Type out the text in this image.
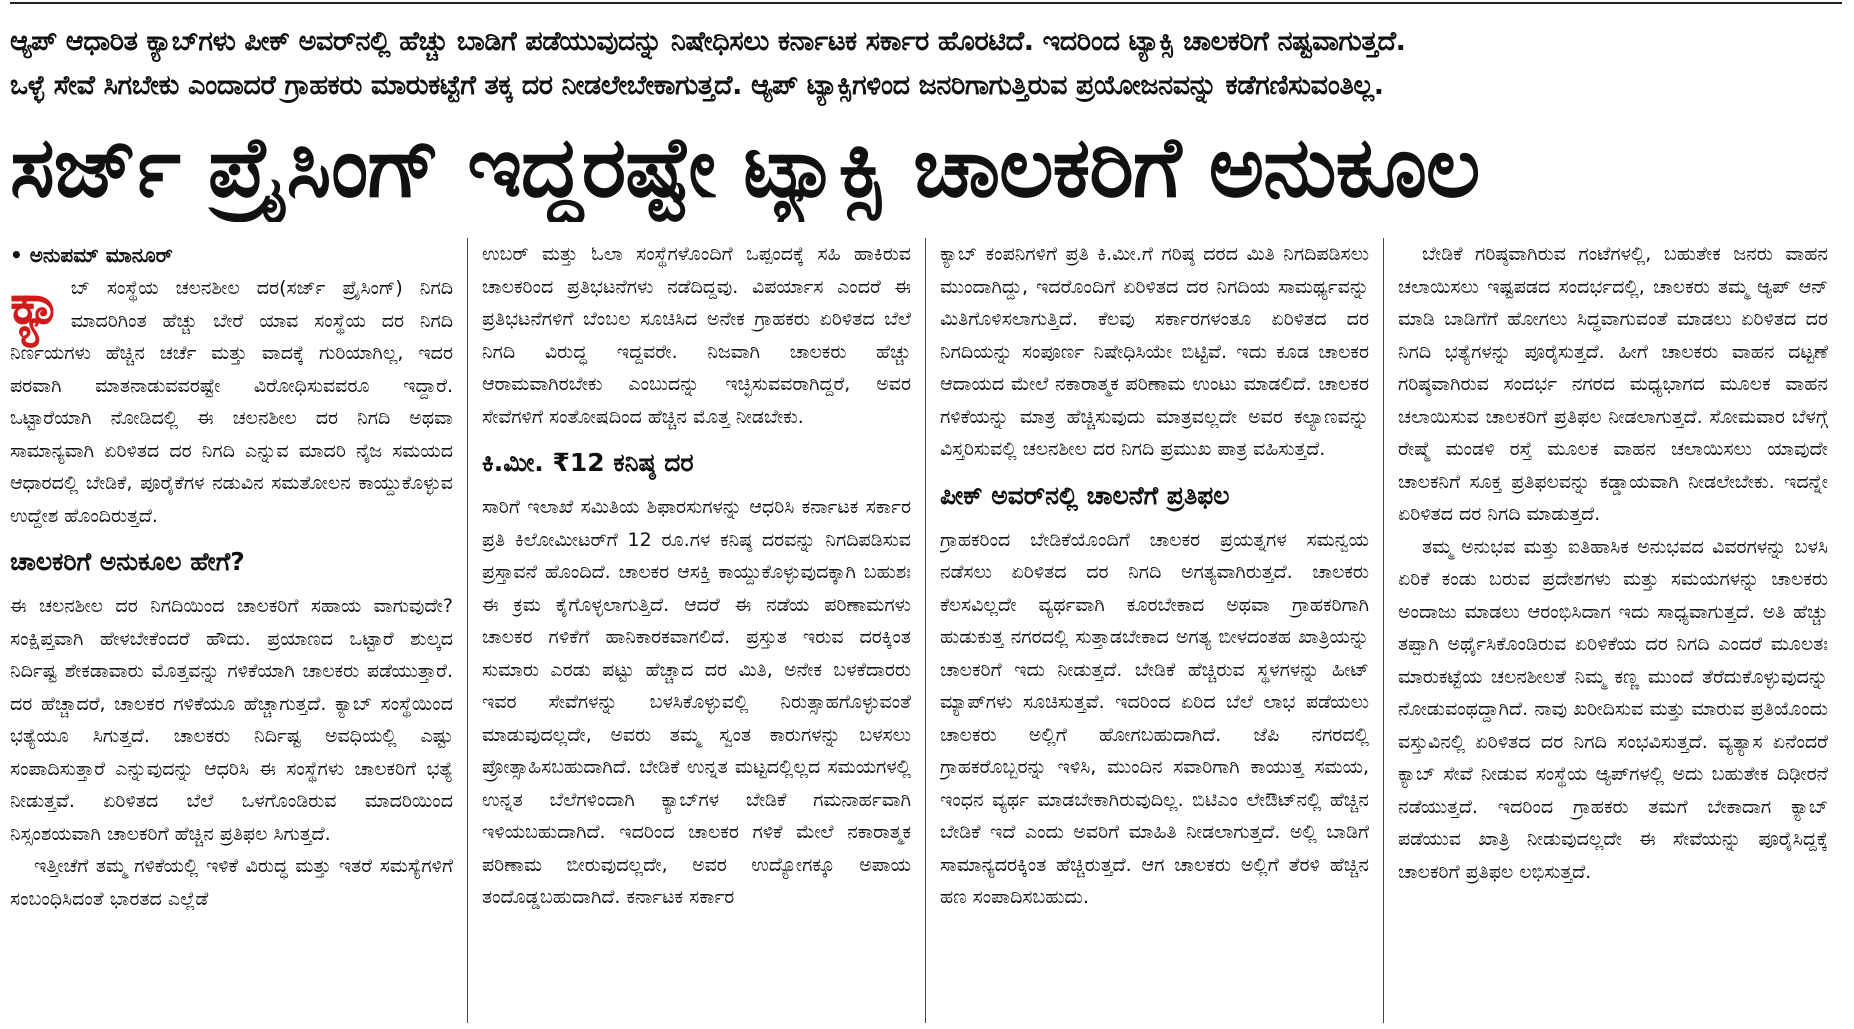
ಆ್ಯಪ್ ಆಧಾರಿತ ಕ್ಯಾಬ್‌ಗಳು ಪೀಕ್ ಅವರ್‌ನಲ್ಲಿ ಹೆಚ್ಚು ಬಾಡಿಗೆ ಪಡೆಯುವುದನ್ನು ನಿಷೇಧಿಸಲು ಕರ್ನಾಟಕ ಸರ್ಕಾರ ಹೊರಟಿದೆ. ಇದರಿಂದ ಟ್ಯಾಕ್ಸಿ ಚಾಲಕರಿಗೆ ನಷ್ಟವಾಗುತ್ತದೆ.
ಒಳ್ಳೆ ಸೇವೆ ಸಿಗಬೇಕು ಎಂದಾದರೆ ಗ್ರಾಹಕರು ಮಾರುಕಟ್ಟೆಗೆ ತಕ್ಕ ದರ ನೀಡಲೇಬೇಕಾಗುತ್ತದೆ. ಆ್ಯಪ್ ಟ್ಯಾಕ್ಸಿಗಳಿಂದ ಜನರಿಗಾಗುತ್ತಿರುವ ಪ್ರಯೋಜನವನ್ನು ಕಡೆಗಣಿಸುವಂತಿಲ್ಲ.
ಸರ್ಜ್ ಪ್ರೈಸಿಂಗ್ ಇದ್ದರಷ್ಟೇ ಟ್ಯಾಕ್ಸಿ ಚಾಲಕರಿಗೆ ಅನುಕೂಲ
• ಅನುಪಮ್ ಮಾನೂರ್

ಕ್ಯಾ ಬ್ ಸಂಸ್ಥೆಯ ಚಲನಶೀಲ ದರ(ಸರ್ಜ್ ಪ್ರೈಸಿಂಗ್) ನಿಗದಿ ಮಾದರಿಗಿಂತ ಹೆಚ್ಚು ಬೇರೆ ಯಾವ ಸಂಸ್ಥೆಯ ದರ ನಿಗದಿ ನಿರ್ಣಯಗಳು ಹೆಚ್ಚಿನ ಚರ್ಚೆ ಮತ್ತು ವಾದಕ್ಕೆ ಗುರಿಯಾಗಿಲ್ಲ, ಇದರ ಪರವಾಗಿ ಮಾತನಾಡುವವರಷ್ಟೇ ವಿರೋಧಿಸುವವರೂ ಇದ್ದಾರೆ. ಒಟ್ಟಾರೆಯಾಗಿ ನೋಡಿದಲ್ಲಿ ಈ ಚಲನಶೀಲ ದರ ನಿಗದಿ ಅಥವಾ ಸಾಮಾನ್ಯವಾಗಿ ಏರಿಳಿತದ ದರ ನಿಗದಿ ಎನ್ನುವ ಮಾದರಿ ನೈಜ ಸಮಯದ ಆಧಾರದಲ್ಲಿ ಬೇಡಿಕೆ, ಪೂರೈಕೆಗಳ ನಡುವಿನ ಸಮತೋಲನ ಕಾಯ್ದುಕೊಳ್ಳುವ ಉದ್ದೇಶ ಹೊಂದಿರುತ್ತದೆ.

ಚಾಲಕರಿಗೆ ಅನುಕೂಲ ಹೇಗೆ?

ಈ ಚಲನಶೀಲ ದರ ನಿಗದಿಯಿಂದ ಚಾಲಕರಿಗೆ ಸಹಾಯ ವಾಗುವುದೇ? ಸಂಕ್ಷಿಪ್ತವಾಗಿ ಹೇಳಬೇಕೆಂದರೆ ಹೌದು. ಪ್ರಯಾಣದ ಒಟ್ಟಾರೆ ಶುಲ್ಕದ ನಿರ್ದಿಷ್ಟ ಶೇಕಡಾವಾರು ಮೊತ್ತವನ್ನು ಗಳಿಕೆಯಾಗಿ ಚಾಲಕರು ಪಡೆಯುತ್ತಾರೆ. ದರ ಹೆಚ್ಚಾದರೆ, ಚಾಲಕರ ಗಳಿಕೆಯೂ ಹೆಚ್ಚಾಗುತ್ತದೆ. ಕ್ಯಾಬ್ ಸಂಸ್ಥೆಯಿಂದ ಭತ್ಯೆಯೂ ಸಿಗುತ್ತದೆ. ಚಾಲಕರು ನಿರ್ದಿಷ್ಟ ಅವಧಿಯಲ್ಲಿ ಎಷ್ಟು ಸಂಪಾದಿಸುತ್ತಾರೆ ಎನ್ನುವುದನ್ನು ಆಧರಿಸಿ ಈ ಸಂಸ್ಥೆಗಳು ಚಾಲಕರಿಗೆ ಭತ್ಯೆ ನೀಡುತ್ತವೆ. ಏರಿಳಿತದ ಬೆಲೆ ಒಳಗೊಂಡಿರುವ ಮಾದರಿಯಿಂದ ನಿಸ್ಸಂಶಯವಾಗಿ ಚಾಲಕರಿಗೆ ಹೆಚ್ಚಿನ ಪ್ರತಿಫಲ ಸಿಗುತ್ತದೆ.

ಇತ್ತೀಚೆಗೆ ತಮ್ಮ ಗಳಿಕೆಯಲ್ಲಿ ಇಳಿಕೆ ವಿರುದ್ಧ ಮತ್ತು ಇತರೆ ಸಮಸ್ಯೆಗಳಿಗೆ ಸಂಬಂಧಿಸಿದಂತೆ ಭಾರತದ ಎಲ್ಲೆಡೆ

ಉಬರ್ ಮತ್ತು ಓಲಾ ಸಂಸ್ಥೆಗಳೊಂದಿಗೆ ಒಪ್ಪಂದಕ್ಕೆ ಸಹಿ ಹಾಕಿರುವ ಚಾಲಕರಿಂದ ಪ್ರತಿಭಟನೆಗಳು ನಡೆದಿದ್ದವು. ವಿಪರ್ಯಾಸ ಎಂದರೆ ಈ ಪ್ರತಿಭಟನೆಗಳಿಗೆ ಬೆಂಬಲ ಸೂಚಿಸಿದ ಅನೇಕ ಗ್ರಾಹಕರು ಏರಿಳಿತದ ಬೆಲೆ ನಿಗದಿ ವಿರುದ್ಧ ಇದ್ದವರೇ. ನಿಜವಾಗಿ ಚಾಲಕರು ಹೆಚ್ಚು ಆರಾಮವಾಗಿರಬೇಕು ಎಂಬುದನ್ನು ಇಚ್ಛಿಸುವವರಾಗಿದ್ದರೆ, ಅವರ ಸೇವೆಗಳಿಗೆ ಸಂತೋಷದಿಂದ ಹೆಚ್ಚಿನ ಮೊತ್ತ ನೀಡಬೇಕು.

ಕಿ.ಮೀ. ₹12 ಕನಿಷ್ಠ ದರ

ಸಾರಿಗೆ ಇಲಾಖೆ ಸಮಿತಿಯ ಶಿಫಾರಸುಗಳನ್ನು ಆಧರಿಸಿ ಕರ್ನಾಟಕ ಸರ್ಕಾರ ಪ್ರತಿ ಕಿಲೋಮೀಟರ್‌ಗೆ 12 ರೂ.ಗಳ ಕನಿಷ್ಠ ದರವನ್ನು ನಿಗದಿಪಡಿಸುವ ಪ್ರಸ್ತಾವನೆ ಹೊಂದಿದೆ. ಚಾಲಕರ ಆಸಕ್ತಿ ಕಾಯ್ದುಕೊಳ್ಳುವುದಕ್ಕಾಗಿ ಬಹುಶಃ ಈ ಕ್ರಮ ಕೈಗೊಳ್ಳಲಾಗುತ್ತಿದೆ. ಆದರೆ ಈ ನಡೆಯ ಪರಿಣಾಮಗಳು ಚಾಲಕರ ಗಳಿಕೆಗೆ ಹಾನಿಕಾರಕವಾಗಲಿದೆ. ಪ್ರಸ್ತುತ ಇರುವ ದರಕ್ಕಿಂತ ಸುಮಾರು ಎರಡು ಪಟ್ಟು ಹೆಚ್ಚಾದ ದರ ಮಿತಿ, ಅನೇಕ ಬಳಕೆದಾರರು ಇವರ ಸೇವೆಗಳನ್ನು ಬಳಸಿಕೊಳ್ಳುವಲ್ಲಿ ನಿರುತ್ಸಾಹಗೊಳ್ಳುವಂತೆ ಮಾಡುವುದಲ್ಲದೇ, ಅವರು ತಮ್ಮ ಸ್ವಂತ ಕಾರುಗಳನ್ನು ಬಳಸಲು ಪ್ರೋತ್ಸಾಹಿಸಬಹುದಾಗಿದೆ. ಬೇಡಿಕೆ ಉನ್ನತ ಮಟ್ಟದಲ್ಲಿಲ್ಲದ ಸಮಯಗಳಲ್ಲಿ ಉನ್ನತ ಬೆಲೆಗಳಿಂದಾಗಿ ಕ್ಯಾಬ್‌ಗಳ ಬೇಡಿಕೆ ಗಮನಾರ್ಹವಾಗಿ ಇಳಿಯಬಹುದಾಗಿದೆ. ಇದರಿಂದ ಚಾಲಕರ ಗಳಿಕೆ ಮೇಲೆ ನಕಾರಾತ್ಮಕ ಪರಿಣಾಮ ಬೀರುವುದಲ್ಲದೇ, ಅವರ ಉದ್ಯೋಗಕ್ಕೂ ಅಪಾಯ ತಂದೊಡ್ಡಬಹುದಾಗಿದೆ. ಕರ್ನಾಟಕ ಸರ್ಕಾರ

ಕ್ಯಾಬ್ ಕಂಪನಿಗಳಿಗೆ ಪ್ರತಿ ಕಿ.ಮೀ.ಗೆ ಗರಿಷ್ಠ ದರದ ಮಿತಿ ನಿಗದಿಪಡಿಸಲು ಮುಂದಾಗಿದ್ದು, ಇದರೊಂದಿಗೆ ಏರಿಳಿತದ ದರ ನಿಗದಿಯ ಸಾಮರ್ಥ್ಯವನ್ನು ಮಿತಿಗೊಳಿಸಲಾಗುತ್ತಿದೆ. ಕೆಲವು ಸರ್ಕಾರಗಳಂತೂ ಏರಿಳಿತದ ದರ ನಿಗದಿಯನ್ನು ಸಂಪೂರ್ಣ ನಿಷೇಧಿಸಿಯೇ ಬಿಟ್ಟಿವೆ. ಇದು ಕೂಡ ಚಾಲಕರ ಆದಾಯದ ಮೇಲೆ ನಕಾರಾತ್ಮಕ ಪರಿಣಾಮ ಉಂಟು ಮಾಡಲಿದೆ. ಚಾಲಕರ ಗಳಿಕೆಯನ್ನು ಮಾತ್ರ ಹೆಚ್ಚಿಸುವುದು ಮಾತ್ರವಲ್ಲದೇ ಅವರ ಕಲ್ಯಾಣವನ್ನು ವಿಸ್ತರಿಸುವಲ್ಲಿ ಚಲನಶೀಲ ದರ ನಿಗದಿ ಪ್ರಮುಖ ಪಾತ್ರ ವಹಿಸುತ್ತದೆ.

ಪೀಕ್ ಅವರ್‌ನಲ್ಲಿ ಚಾಲನೆಗೆ ಪ್ರತಿಫಲ

ಗ್ರಾಹಕರಿಂದ ಬೇಡಿಕೆಯೊಂದಿಗೆ ಚಾಲಕರ ಪ್ರಯತ್ನಗಳ ಸಮನ್ವಯ ನಡೆಸಲು ಏರಿಳಿತದ ದರ ನಿಗದಿ ಅಗತ್ಯವಾಗಿರುತ್ತದೆ. ಚಾಲಕರು ಕೆಲಸವಿಲ್ಲದೇ ವ್ಯರ್ಥವಾಗಿ ಕೂರಬೇಕಾದ ಅಥವಾ ಗ್ರಾಹಕರಿಗಾಗಿ ಹುಡುಕುತ್ತ ನಗರದಲ್ಲಿ ಸುತ್ತಾಡಬೇಕಾದ ಅಗತ್ಯ ಬೀಳದಂತಹ ಖಾತ್ರಿಯನ್ನು ಚಾಲಕರಿಗೆ ಇದು ನೀಡುತ್ತದೆ. ಬೇಡಿಕೆ ಹೆಚ್ಚಿರುವ ಸ್ಥಳಗಳನ್ನು ಹೀಟ್ ಮ್ಯಾಪ್‌ಗಳು ಸೂಚಿಸುತ್ತವೆ. ಇದರಿಂದ ಏರಿದ ಬೆಲೆ ಲಾಭ ಪಡೆಯಲು ಚಾಲಕರು ಅಲ್ಲಿಗೆ ಹೋಗಬಹುದಾಗಿದೆ. ಜೆಪಿ ನಗರದಲ್ಲಿ ಗ್ರಾಹಕರೊಬ್ಬರನ್ನು ಇಳಿಸಿ, ಮುಂದಿನ ಸವಾರಿಗಾಗಿ ಕಾಯುತ್ತ ಸಮಯ, ಇಂಧನ ವ್ಯರ್ಥ ಮಾಡಬೇಕಾಗಿರುವುದಿಲ್ಲ. ಬಿಟಿಎಂ ಲೇಔಟ್‌ನಲ್ಲಿ ಹೆಚ್ಚಿನ ಬೇಡಿಕೆ ಇದೆ ಎಂದು ಅವರಿಗೆ ಮಾಹಿತಿ ನೀಡಲಾಗುತ್ತದೆ. ಅಲ್ಲಿ ಬಾಡಿಗೆ ಸಾಮಾನ್ಯದರಕ್ಕಿಂತ ಹೆಚ್ಚಿರುತ್ತದೆ. ಆಗ ಚಾಲಕರು ಅಲ್ಲಿಗೆ ತೆರಳಿ ಹೆಚ್ಚಿನ ಹಣ ಸಂಪಾದಿಸಬಹುದು.

ಬೇಡಿಕೆ ಗರಿಷ್ಠವಾಗಿರುವ ಗಂಟೆಗಳಲ್ಲಿ, ಬಹುತೇಕ ಜನರು ವಾಹನ ಚಲಾಯಿಸಲು ಇಷ್ಟಪಡದ ಸಂದರ್ಭದಲ್ಲಿ, ಚಾಲಕರು ತಮ್ಮ ಆ್ಯಪ್ ಆನ್ ಮಾಡಿ ಬಾಡಿಗೆಗೆ ಹೋಗಲು ಸಿದ್ಧವಾಗುವಂತೆ ಮಾಡಲು ಏರಿಳಿತದ ದರ ನಿಗದಿ ಭತ್ಯೆಗಳನ್ನು ಪೂರೈಸುತ್ತದೆ. ಹೀಗೆ ಚಾಲಕರು ವಾಹನ ದಟ್ಟಣೆ ಗರಿಷ್ಠವಾಗಿರುವ ಸಂದರ್ಭ ನಗರದ ಮಧ್ಯಭಾಗದ ಮೂಲಕ ವಾಹನ ಚಲಾಯಿಸುವ ಚಾಲಕರಿಗೆ ಪ್ರತಿಫಲ ನೀಡಲಾಗುತ್ತದೆ. ಸೋಮವಾರ ಬೆಳಗ್ಗೆ ರೇಷ್ಮೆ ಮಂಡಳಿ ರಸ್ತೆ ಮೂಲಕ ವಾಹನ ಚಲಾಯಿಸಲು ಯಾವುದೇ ಚಾಲಕನಿಗೆ ಸೂಕ್ತ ಪ್ರತಿಫಲವನ್ನು ಕಡ್ಡಾಯವಾಗಿ ನೀಡಲೇಬೇಕು. ಇದನ್ನೇ ಏರಿಳಿತದ ದರ ನಿಗದಿ ಮಾಡುತ್ತದೆ.

ತಮ್ಮ ಅನುಭವ ಮತ್ತು ಐತಿಹಾಸಿಕ ಅನುಭವದ ವಿವರಗಳನ್ನು ಬಳಸಿ ಏರಿಕೆ ಕಂಡು ಬರುವ ಪ್ರದೇಶಗಳು ಮತ್ತು ಸಮಯಗಳನ್ನು ಚಾಲಕರು ಅಂದಾಜು ಮಾಡಲು ಆರಂಭಿಸಿದಾಗ ಇದು ಸಾಧ್ಯವಾಗುತ್ತದೆ. ಅತಿ ಹೆಚ್ಚು ತಪ್ಪಾಗಿ ಅರ್ಥೈಸಿಕೊಂಡಿರುವ ಏರಿಳಿಕೆಯ ದರ ನಿಗದಿ ಎಂದರೆ ಮೂಲತಃ ಮಾರುಕಟ್ಟೆಯ ಚಲನಶೀಲತೆ ನಿಮ್ಮ ಕಣ್ಣ ಮುಂದೆ ತೆರೆದುಕೊಳ್ಳುವುದನ್ನು ನೋಡುವಂಥದ್ದಾಗಿದೆ. ನಾವು ಖರೀದಿಸುವ ಮತ್ತು ಮಾರುವ ಪ್ರತಿಯೊಂದು ವಸ್ತುವಿನಲ್ಲಿ ಏರಿಳಿತದ ದರ ನಿಗದಿ ಸಂಭವಿಸುತ್ತದೆ. ವ್ಯತ್ಯಾಸ ಏನೆಂದರೆ ಕ್ಯಾಬ್ ಸೇವೆ ನೀಡುವ ಸಂಸ್ಥೆಯ ಆ್ಯಪ್‌ಗಳಲ್ಲಿ ಅದು ಬಹುತೇಕ ದಿಢೀರನೆ ನಡೆಯುತ್ತದೆ. ಇದರಿಂದ ಗ್ರಾಹಕರು ತಮಗೆ ಬೇಕಾದಾಗ ಕ್ಯಾಬ್ ಪಡೆಯುವ ಖಾತ್ರಿ ನೀಡುವುದಲ್ಲದೇ ಈ ಸೇವೆಯನ್ನು ಪೂರೈಸಿದ್ದಕ್ಕೆ ಚಾಲಕರಿಗೆ ಪ್ರತಿಫಲ ಲಭಿಸುತ್ತದೆ.
